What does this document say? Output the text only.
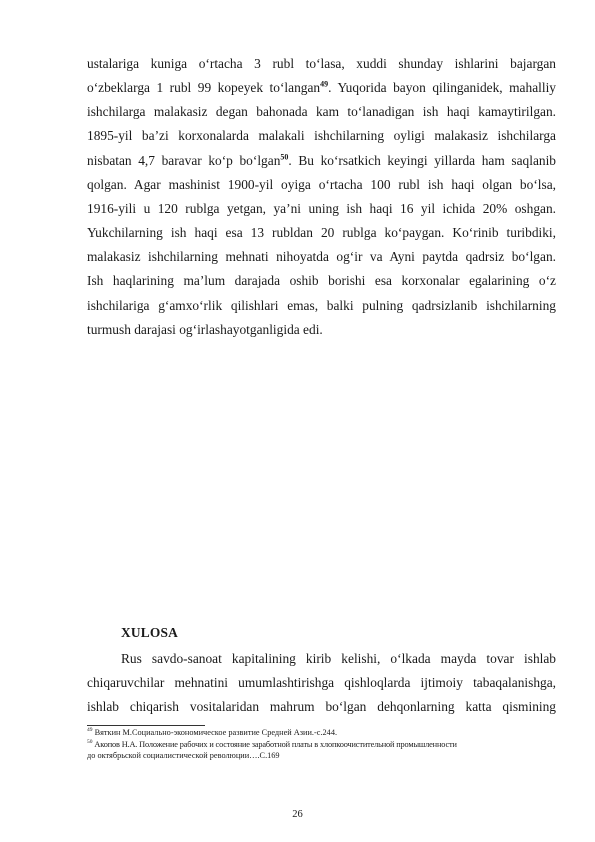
ustalariga kuniga o‘rtacha 3 rubl to‘lasa, xuddi shunday ishlarini bajargan
o‘zbeklarga 1 rubl 99 kopeyek to‘langan$^{49}$. Yuqorida bayon qilinganidek, mahalliy
ishchilarga malakasiz degan bahonada kam to‘lanadigan ish haqi kamaytirilgan.
1895-yil ba’zi korxonalarda malakali ishchilarning oyligi malakasiz ishchilarga
nisbatan 4,7 baravar ko‘p bo‘lgan$^{50}$. Bu ko‘rsatkich keyingi yillarda ham saqlanib
qolgan. Agar mashinist 1900-yil oyiga o‘rtacha 100 rubl ish haqi olgan bo‘lsa,
1916-yili u 120 rublga yetgan, ya’ni uning ish haqi 16 yil ichida 20% oshgan.
Yukchilarning ish haqi esa 13 rubldan 20 rublga ko‘paygan. Ko‘rinib turibdiki,
malakasiz ishchilarning mehnati nihoyatda og‘ir va Ayni paytda qadrsiz bo‘lgan.
Ish haqlarining ma’lum darajada oshib borishi esa korxonalar egalarining o‘z
ishchilariga g‘amxo‘rlik qilishlari emas, balki pulning qadrsizlanib ishchilarning
turmush darajasi og‘irlashayotganligida edi.
XULOSA
Rus savdo-sanoat kapitalining kirib kelishi, o‘lkada mayda tovar ishlab
chiqaruvchilar mehnatini umumlashtirishga qishloqlarda ijtimoiy tabaqalanishga,
ishlab chiqarish vositalaridan mahrum bo‘lgan dehqonlarning katta qismining
$^{49}$ Вяткин М.Социально-экономическое развитие Средней Азии.-с.244.
$^{50}$ Акопов Н.А. Положение рабочих и состояние заработной платы в хлопкоочистительной промышленности
до октябрьской социалистической революции….С.169
26
